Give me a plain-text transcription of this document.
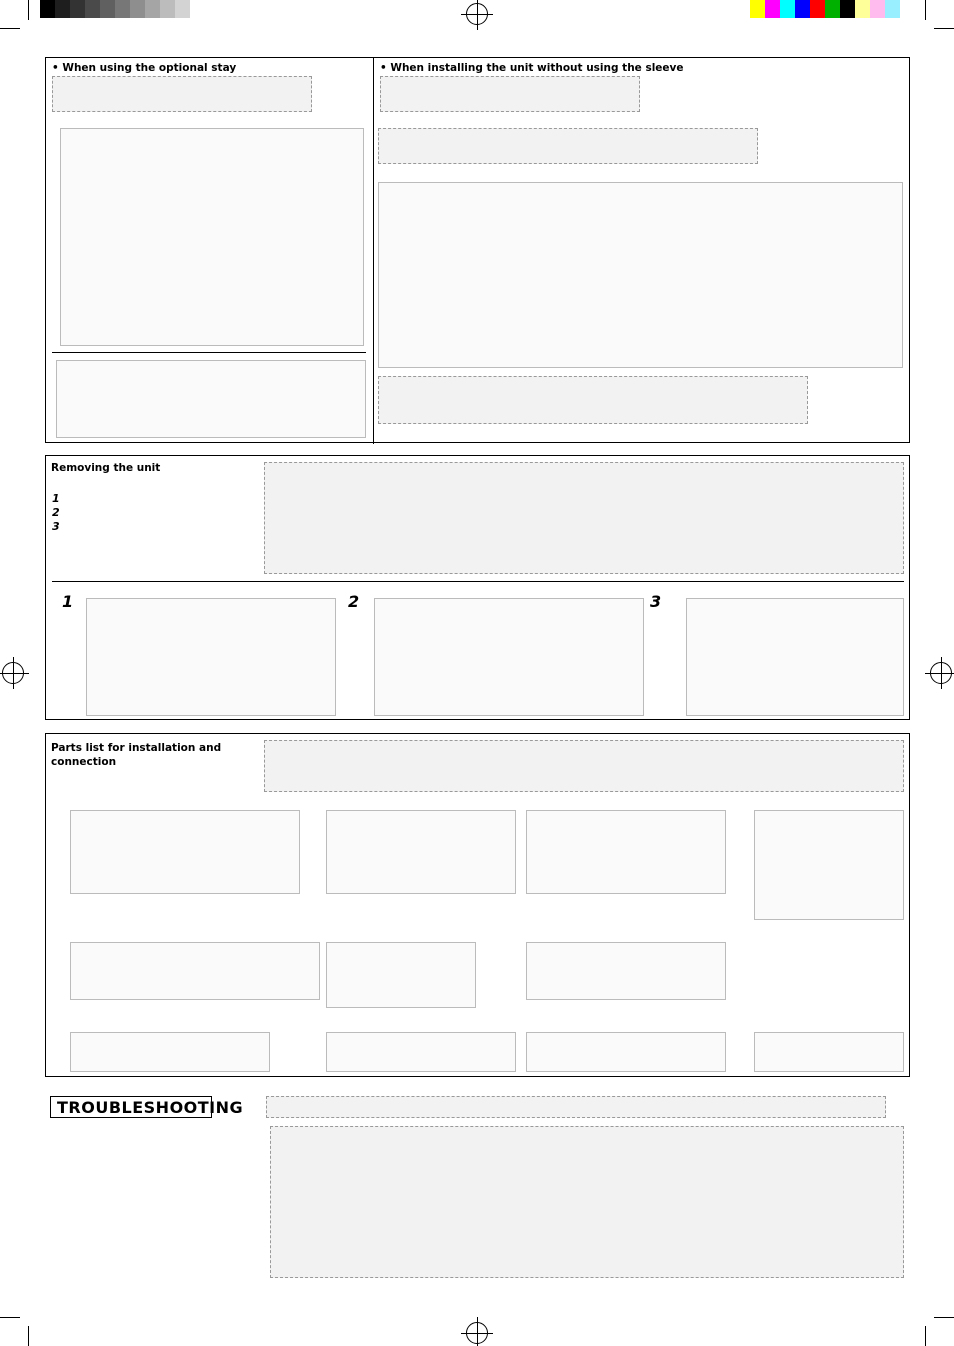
• When using the optional stay	• When installing the unit without using the sleeve
Removing the unit
1
2
3
1	2	3
Parts list for installation and connection
TROUBLESHOOTING
